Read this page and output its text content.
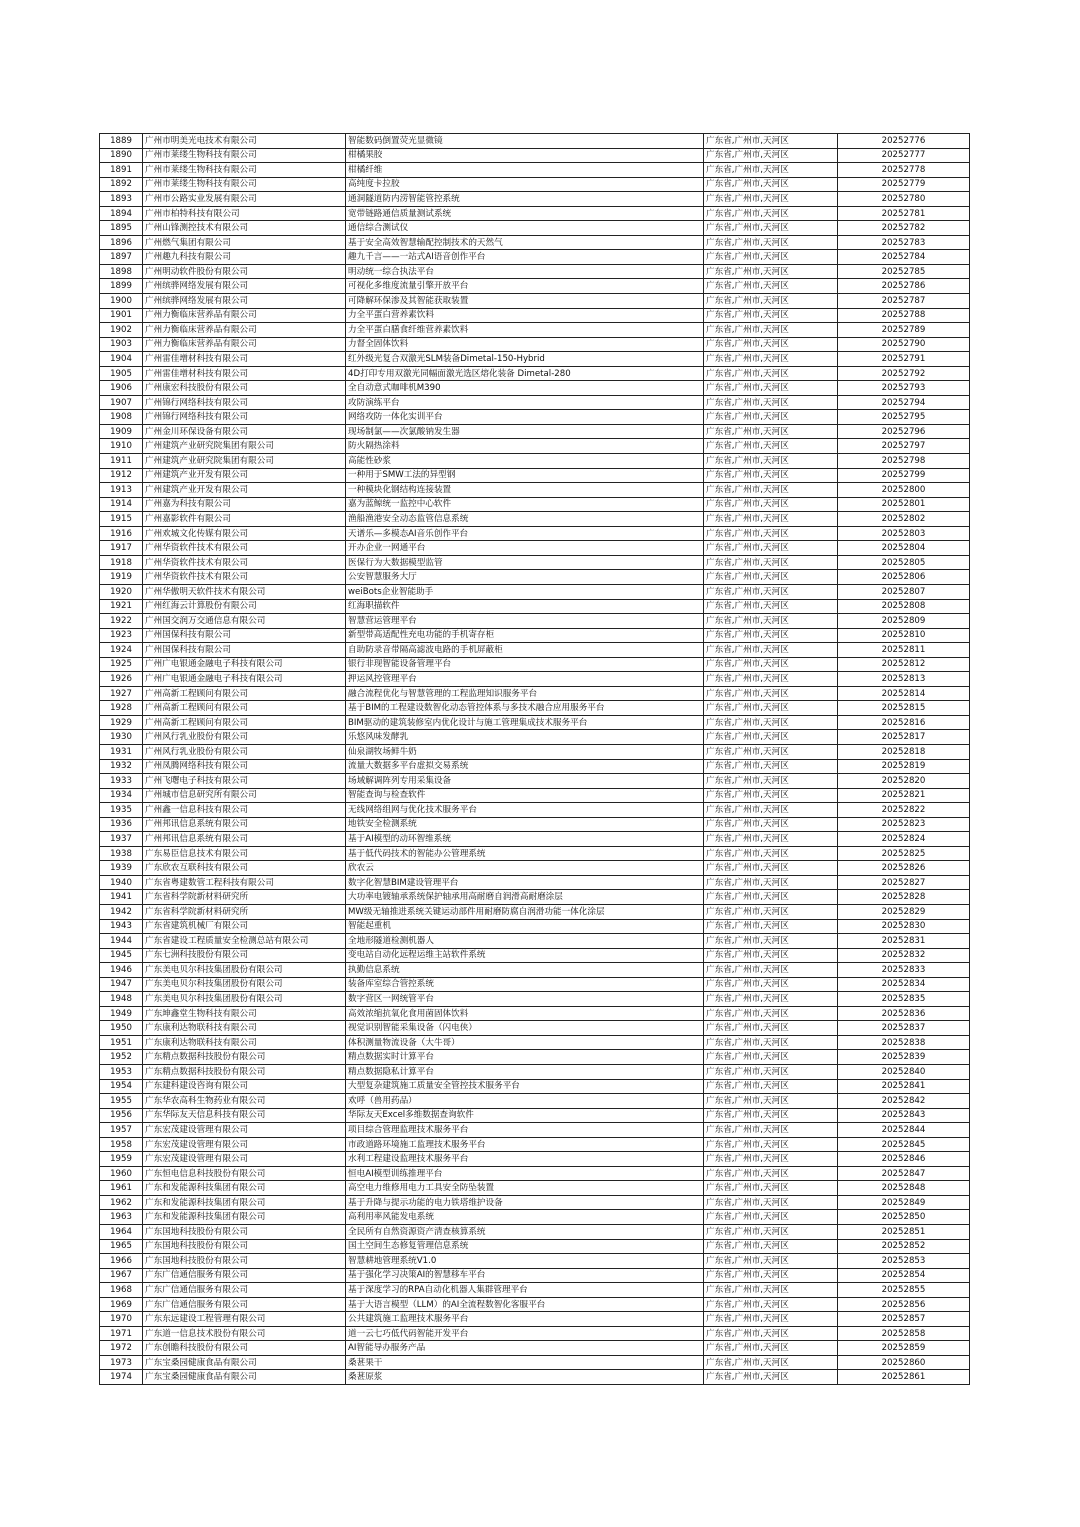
1889	广州市明美光电技术有限公司	智能数码倒置荧光显微镜	广东省,广州市,天河区	20252776
1890	广州市莱缕生物科技有限公司	柑橘果胶	广东省,广州市,天河区	20252777
1891	广州市莱缕生物科技有限公司	柑橘纤维	广东省,广州市,天河区	20252778
1892	广州市莱缕生物科技有限公司	高纯度卡拉胶	广东省,广州市,天河区	20252779
1893	广州市公路实业发展有限公司	通洞隧道防内涝智能管控系统	广东省,广州市,天河区	20252780
1894	广州市柏特科技有限公司	宽带链路通信质量测试系统	广东省,广州市,天河区	20252781
1895	广州山锋测控技术有限公司	通信综合测试仪	广东省,广州市,天河区	20252782
1896	广州燃气集团有限公司	基于安全高效智慧输配控制技术的天然气	广东省,广州市,天河区	20252783
1897	广州趣九科技有限公司	趣九千言——一站式AI语音创作平台	广东省,广州市,天河区	20252784
1898	广州明动软件股份有限公司	明动统一综合执法平台	广东省,广州市,天河区	20252785
1899	广州缤骅网络发展有限公司	可视化多维度流量引擎开放平台	广东省,广州市,天河区	20252786
1900	广州缤骅网络发展有限公司	可降解环保渗及其智能获取装置	广东省,广州市,天河区	20252787
1901	广州力衡临床营养品有限公司	力全平蛋白营养素饮料	广东省,广州市,天河区	20252788
1902	广州力衡临床营养品有限公司	力全平蛋白膳食纤维营养素饮料	广东省,广州市,天河区	20252789
1903	广州力衡临床营养品有限公司	力督全固体饮料	广东省,广州市,天河区	20252790
1904	广州雷佳增材科技有限公司	红外级光复合双激光SLM装备Dimetal-150-Hybrid	广东省,广州市,天河区	20252791
1905	广州雷佳增材科技有限公司	4D打印专用双激光同幅面激光选区熔化装备 Dimetal-280	广东省,广州市,天河区	20252792
1906	广州康宏科技股份有限公司	全自动意式咖啡机M390	广东省,广州市,天河区	20252793
1907	广州锦行网络科技有限公司	攻防演练平台	广东省,广州市,天河区	20252794
1908	广州锦行网络科技有限公司	网络攻防一体化实训平台	广东省,广州市,天河区	20252795
1909	广州金川环保设备有限公司	现场制氯——次氯酸钠发生器	广东省,广州市,天河区	20252796
1910	广州建筑产业研究院集团有限公司	防火隔热涂料	广东省,广州市,天河区	20252797
1911	广州建筑产业研究院集团有限公司	高能性砂浆	广东省,广州市,天河区	20252798
1912	广州建筑产业开发有限公司	一种用于SMW工法的异型钢	广东省,广州市,天河区	20252799
1913	广州建筑产业开发有限公司	一种模块化钢结构连接装置	广东省,广州市,天河区	20252800
1914	广州嘉为科技有限公司	嘉为蓝鲸统一监控中心软件	广东省,广州市,天河区	20252801
1915	广州嘉影软件有限公司	渔船渔港安全动态监管信息系统	广东省,广州市,天河区	20252802
1916	广州欢城文化传媒有限公司	天谱乐—多模态AI音乐创作平台	广东省,广州市,天河区	20252803
1917	广州华资软件技术有限公司	开办企业一网通平台	广东省,广州市,天河区	20252804
1918	广州华资软件技术有限公司	医保行为大数据模型监管	广东省,广州市,天河区	20252805
1919	广州华资软件技术有限公司	公安智慧服务大厅	广东省,广州市,天河区	20252806
1920	广州华傲明天软件技术有限公司	weiBots企业智能助手	广东省,广州市,天河区	20252807
1921	广州红海云计算股份有限公司	红海职描软件	广东省,广州市,天河区	20252808
1922	广州国交润万交通信息有限公司	智慧营运管理平台	广东省,广州市,天河区	20252809
1923	广州国保科技有限公司	新型带高适配性充电功能的手机寄存柜	广东省,广州市,天河区	20252810
1924	广州国保科技有限公司	自助防录音带隔高滤波电路的手机屏蔽柜	广东省,广州市,天河区	20252811
1925	广州广电银通金融电子科技有限公司	银行非现智能设备管理平台	广东省,广州市,天河区	20252812
1926	广州广电银通金融电子科技有限公司	押运风控管理平台	广东省,广州市,天河区	20252813
1927	广州高新工程顾问有限公司	融合流程优化与智慧管理的工程监理知识服务平台	广东省,广州市,天河区	20252814
1928	广州高新工程顾问有限公司	基于BIM的工程建设数智化动态管控体系与多技术融合应用服务平台	广东省,广州市,天河区	20252815
1929	广州高新工程顾问有限公司	BIM驱动的建筑装修室内优化设计与施工管理集成技术服务平台	广东省,广州市,天河区	20252816
1930	广州风行乳业股份有限公司	乐悠风味发酵乳	广东省,广州市,天河区	20252817
1931	广州风行乳业股份有限公司	仙泉湖牧场鲜牛奶	广东省,广州市,天河区	20252818
1932	广州凤腾网络科技有限公司	流量大数据多平台虚拟交易系统	广东省,广州市,天河区	20252819
1933	广州飞曙电子科技有限公司	场域解调阵列专用采集设备	广东省,广州市,天河区	20252820
1934	广州城市信息研究所有限公司	智能查询与检查软件	广东省,广州市,天河区	20252821
1935	广州鑫一信息科技有限公司	无线网络组网与优化技术服务平台	广东省,广州市,天河区	20252822
1936	广州邦讯信息系统有限公司	地铁安全检测系统	广东省,广州市,天河区	20252823
1937	广州邦讯信息系统有限公司	基于AI模型的动环智维系统	广东省,广州市,天河区	20252824
1938	广东易臣信息技术有限公司	基于低代码技术的智能办公管理系统	广东省,广州市,天河区	20252825
1939	广东欣农互联科技有限公司	欣农云	广东省,广州市,天河区	20252826
1940	广东省粤建数管工程科技有限公司	数字化智慧BIM建设管理平台	广东省,广州市,天河区	20252827
1941	广东省科学院新材料研究所	大功率电镀轴承系统保护轴承用高耐磨自润滑高耐磨涂层	广东省,广州市,天河区	20252828
1942	广东省科学院新材料研究所	MW级无轴推进系统关键运动部件用耐磨防腐自润滑功能一体化涂层	广东省,广州市,天河区	20252829
1943	广东省建筑机械厂有限公司	智能起重机	广东省,广州市,天河区	20252830
1944	广东省建设工程质量安全检测总站有限公司	全地形隧道检测机器人	广东省,广州市,天河区	20252831
1945	广东七洲科技股份有限公司	变电站自动化远程运维主站软件系统	广东省,广州市,天河区	20252832
1946	广东美电贝尔科技集团股份有限公司	执勤信息系统	广东省,广州市,天河区	20252833
1947	广东美电贝尔科技集团股份有限公司	装备库室综合管控系统	广东省,广州市,天河区	20252834
1948	广东美电贝尔科技集团股份有限公司	数字营区一网统管平台	广东省,广州市,天河区	20252835
1949	广东坤鑫堂生物科技有限公司	高效浓缩抗氧化食用菌固体饮料	广东省,广州市,天河区	20252836
1950	广东康利达物联科技有限公司	视觉识别智能采集设备（闪电侠）	广东省,广州市,天河区	20252837
1951	广东康利达物联科技有限公司	体积测量物流设备（大牛哥）	广东省,广州市,天河区	20252838
1952	广东精点数据科技股份有限公司	精点数据实时计算平台	广东省,广州市,天河区	20252839
1953	广东精点数据科技股份有限公司	精点数据隐私计算平台	广东省,广州市,天河区	20252840
1954	广东建科建设咨询有限公司	大型复杂建筑施工质量安全管控技术服务平台	广东省,广州市,天河区	20252841
1955	广东华农高科生物药业有限公司	欢呼（兽用药品）	广东省,广州市,天河区	20252842
1956	广东华际友天信息科技有限公司	华际友天Excel多维数据查询软件	广东省,广州市,天河区	20252843
1957	广东宏茂建设管理有限公司	项目综合管理监理技术服务平台	广东省,广州市,天河区	20252844
1958	广东宏茂建设管理有限公司	市政道路环境施工监理技术服务平台	广东省,广州市,天河区	20252845
1959	广东宏茂建设管理有限公司	水利工程建设监理技术服务平台	广东省,广州市,天河区	20252846
1960	广东恒电信息科技股份有限公司	恒电AI模型训练推理平台	广东省,广州市,天河区	20252847
1961	广东和发能源科技集团有限公司	高空电力维修用电力工具安全防坠装置	广东省,广州市,天河区	20252848
1962	广东和发能源科技集团有限公司	基于升降与提示功能的电力铁塔维护设备	广东省,广州市,天河区	20252849
1963	广东和发能源科技集团有限公司	高利用率风能发电系统	广东省,广州市,天河区	20252850
1964	广东国地科技股份有限公司	全民所有自然资源资产清查核算系统	广东省,广州市,天河区	20252851
1965	广东国地科技股份有限公司	国土空间生态修复管理信息系统	广东省,广州市,天河区	20252852
1966	广东国地科技股份有限公司	智慧耕地管理系统V1.0	广东省,广州市,天河区	20252853
1967	广东广信通信服务有限公司	基于强化学习决策AI的智慧移车平台	广东省,广州市,天河区	20252854
1968	广东广信通信服务有限公司	基于深度学习的RPA自动化机器人集群管理平台	广东省,广州市,天河区	20252855
1969	广东广信通信服务有限公司	基于大语言模型（LLM）的AI全流程数智化客服平台	广东省,广州市,天河区	20252856
1970	广东东远建设工程管理有限公司	公共建筑施工监理技术服务平台	广东省,广州市,天河区	20252857
1971	广东道一信息技术股份有限公司	道一云七巧低代码智能开发平台	广东省,广州市,天河区	20252858
1972	广东创瞻科技股份有限公司	AI智能导办服务产品	广东省,广州市,天河区	20252859
1973	广东宝桑园健康食品有限公司	桑葚果干	广东省,广州市,天河区	20252860
1974	广东宝桑园健康食品有限公司	桑葚原浆	广东省,广州市,天河区	20252861
